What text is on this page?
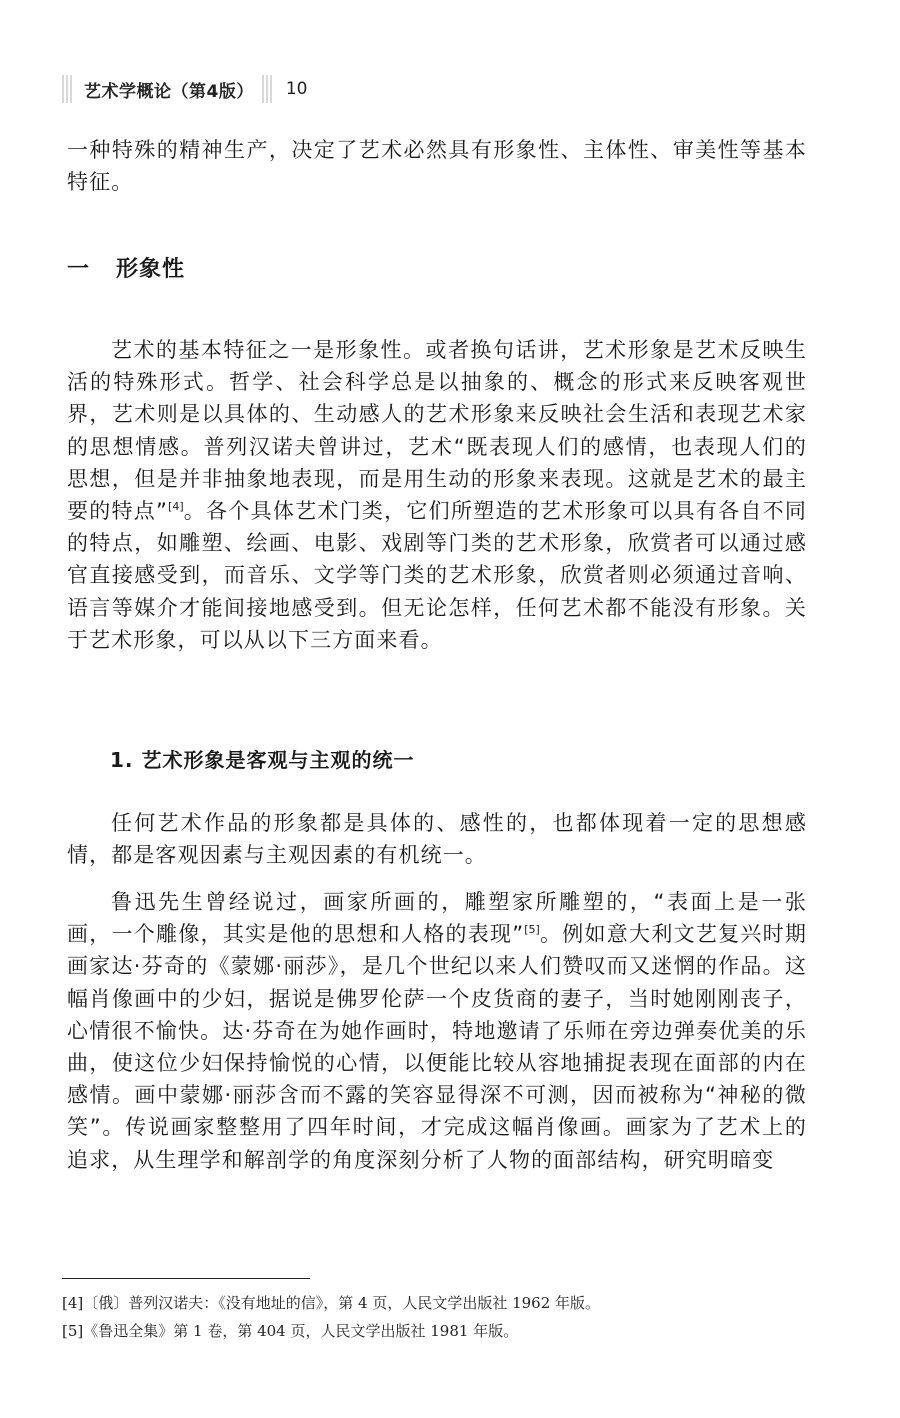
艺术学概论（第4版） 10

一种特殊的精神生产，决定了艺术必然具有形象性、主体性、审美性等基本特征。

一 形象性

艺术的基本特征之一是形象性。或者换句话讲，艺术形象是艺术反映生活的特殊形式。哲学、社会科学总是以抽象的、概念的形式来反映客观世界，艺术则是以具体的、生动感人的艺术形象来反映社会生活和表现艺术家的思想情感。普列汉诺夫曾讲过，艺术“既表现人们的感情，也表现人们的思想，但是并非抽象地表现，而是用生动的形象来表现。这就是艺术的最主要的特点”[4]。各个具体艺术门类，它们所塑造的艺术形象可以具有各自不同的特点，如雕塑、绘画、电影、戏剧等门类的艺术形象，欣赏者可以通过感官直接感受到，而音乐、文学等门类的艺术形象，欣赏者则必须通过音响、语言等媒介才能间接地感受到。但无论怎样，任何艺术都不能没有形象。关于艺术形象，可以从以下三方面来看。

1. 艺术形象是客观与主观的统一

任何艺术作品的形象都是具体的、感性的，也都体现着一定的思想感情，都是客观因素与主观因素的有机统一。

鲁迅先生曾经说过，画家所画的，雕塑家所雕塑的，“表面上是一张画，一个雕像，其实是他的思想和人格的表现”[5]。例如意大利文艺复兴时期画家达·芬奇的《蒙娜·丽莎》，是几个世纪以来人们赞叹而又迷惘的作品。这幅肖像画中的少妇，据说是佛罗伦萨一个皮货商的妻子，当时她刚刚丧子，心情很不愉快。达·芬奇在为她作画时，特地邀请了乐师在旁边弹奏优美的乐曲，使这位少妇保持愉悦的心情，以便能比较从容地捕捉表现在面部的内在感情。画中蒙娜·丽莎含而不露的笑容显得深不可测，因而被称为“神秘的微笑”。传说画家整整用了四年时间，才完成这幅肖像画。画家为了艺术上的追求，从生理学和解剖学的角度深刻分析了人物的面部结构，研究明暗变

[4]〔俄〕普列汉诺夫：《没有地址的信》，第 4 页，人民文学出版社 1962 年版。

[5]《鲁迅全集》第 1 卷，第 404 页，人民文学出版社 1981 年版。
